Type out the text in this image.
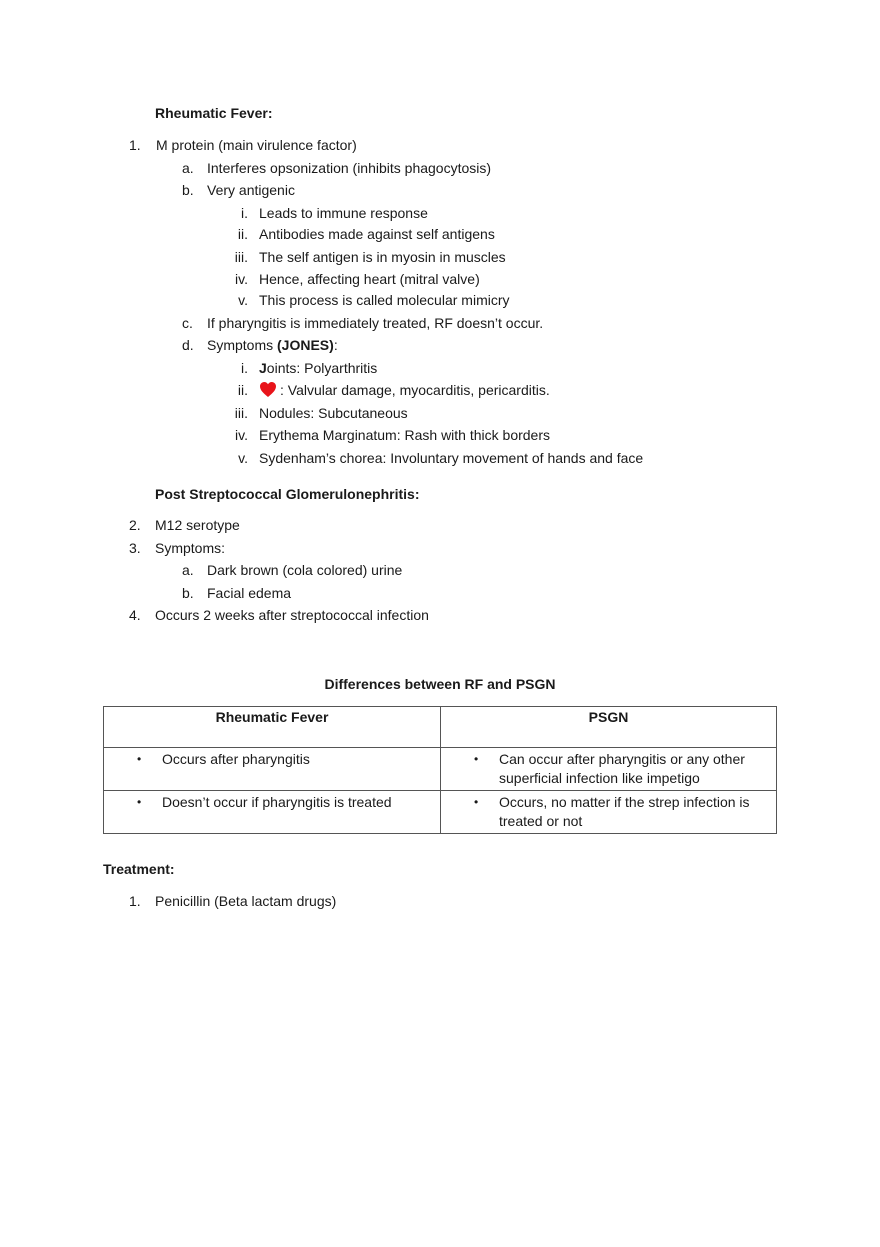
Rheumatic Fever:
1. M protein (main virulence factor)
a. Interferes opsonization (inhibits phagocytosis)
b. Very antigenic
i. Leads to immune response
ii. Antibodies made against self antigens
iii. The self antigen is in myosin in muscles
iv. Hence, affecting heart (mitral valve)
v. This process is called molecular mimicry
c. If pharyngitis is immediately treated, RF doesn’t occur.
d. Symptoms (JONES):
i. Joints: Polyarthritis
ii.	: Valvular damage, myocarditis, pericarditis.
iii. Nodules: Subcutaneous
iv. Erythema Marginatum: Rash with thick borders
v. Sydenham’s chorea: Involuntary movement of hands and face
Post Streptococcal Glomerulonephritis:
2. M12 serotype
3. Symptoms:
a. Dark brown (cola colored) urine
b. Facial edema
4. Occurs 2 weeks after streptococcal infection
Differences between RF and PSGN
Rheumatic Fever	PSGN

• Occurs after pharyngitis	• Can occur after pharyngitis or any other superficial infection like impetigo

• Doesn’t occur if pharyngitis is treated	• Occurs, no matter if the strep infection is treated or not
Treatment:
1. Penicillin (Beta lactam drugs)
